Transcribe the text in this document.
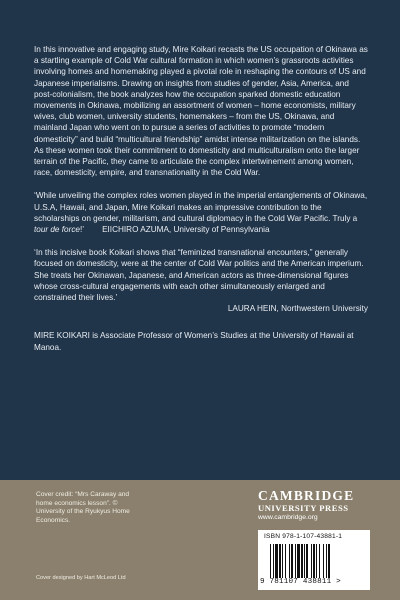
In this innovative and engaging study, Mire Koikari recasts the US occupation of Okinawa as a startling example of Cold War cultural formation in which women’s grassroots activities involving homes and homemaking played a pivotal role in reshaping the contours of US and Japanese imperialisms. Drawing on insights from studies of gender, Asia, America, and post-colonialism, the book analyzes how the occupation sparked domestic education movements in Okinawa, mobilizing an assortment of women – home economists, military wives, club women, university students, homemakers – from the US, Okinawa, and mainland Japan who went on to pursue a series of activities to promote “modern domesticity” and build “multicultural friendship” amidst intense militarization on the islands. As these women took their commitment to domesticity and multiculturalism onto the larger terrain of the Pacific, they came to articulate the complex intertwinement among women, race, domesticity, empire, and transnationality in the Cold War.

‘While unveiling the complex roles women played in the imperial entanglements of Okinawa, U.S.A, Hawaii, and Japan, Mire Koikari makes an impressive contribution to the scholarships on gender, militarism, and cultural diplomacy in the Cold War Pacific. Truly a tour de force!’ EIICHIRO AZUMA, University of Pennsylvania

‘In this incisive book Koikari shows that “feminized transnational encounters,” generally focused on domesticity, were at the center of Cold War politics and the American imperium. She treats her Okinawan, Japanese, and American actors as three-dimensional figures whose cross-cultural engagements with each other simultaneously enlarged and constrained their lives.’
LAURA HEIN, Northwestern University

MIRE KOIKARI is Associate Professor of Women’s Studies at the University of Hawaii at Manoa.

Cover credit: “Mrs Caraway and home economics lesson”. © University of the Ryukyus Home Economics.
Cover designed by Hart McLeod Ltd
CAMBRIDGE
UNIVERSITY PRESS
www.cambridge.org
ISBN 978-1-107-43881-1
9 781107 438811 >
